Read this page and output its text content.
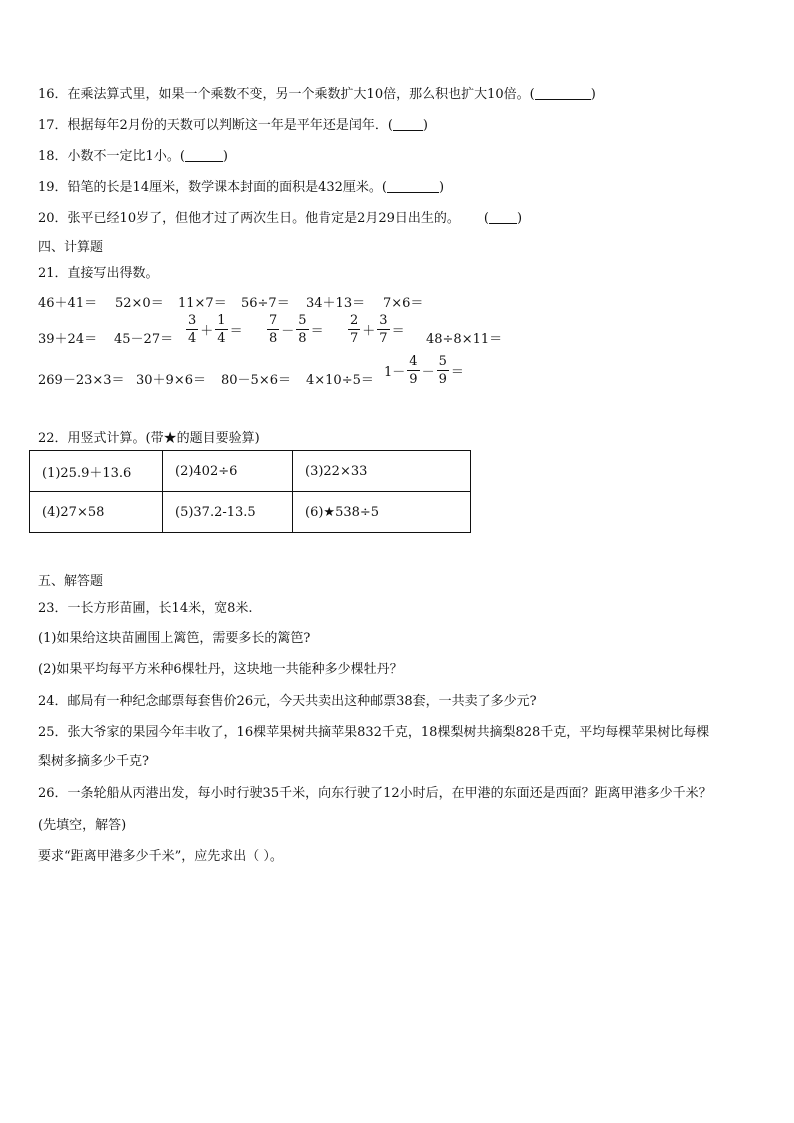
16．在乘法算式里，如果一个乘数不变，另一个乘数扩大10倍，那么积也扩大10倍。(	)
17．根据每年2月份的天数可以判断这一年是平年还是闰年．( )
18．小数不一定比1小。(	)
19．铅笔的长是14厘米，数学课本封面的面积是432厘米。(	)
20．张平已经10岁了，但他才过了两次生日。他肯定是2月29日出生的。 ( )
四、计算题
21．直接写出得数。
46＋41＝ 52×0＝ 11×7＝ 56÷7＝ 34＋13＝ 7×6＝
$39+24= 45-27= \frac{3}{4} + \frac{1}{4} = \frac{7}{8} - \frac{5}{8} = \frac{2}{7} + \frac{3}{7}$ ＝
48÷8×11＝
269－23×3＝ 30＋9×6＝ 80－5×6＝ 4×10÷5＝
$1- \frac{4}{9} - \frac{5}{9}$ ＝
22．用竖式计算。(带★的题目要验算)
(1)25.9＋13.6	(2)402÷6	(3)22×33
(4)27×58	(5)37.2-13.5	(6)★538÷5
五、解答题
23．一长方形苗圃，长14米，宽8米.
(1)如果给这块苗圃围上篱笆，需要多长的篱笆?
(2)如果平均每平方米种6棵牡丹，这块地一共能种多少棵牡丹？
24．邮局有一种纪念邮票每套售价26元，今天共卖出这种邮票38套，一共卖了多少元?
25．张大爷家的果园今年丰收了，16棵苹果树共摘苹果832千克，18棵梨树共摘梨828千克，平均每棵苹果树比每棵
梨树多摘多少千克?
26．一条轮船从丙港出发，每小时行驶35千米，向东行驶了12小时后，在甲港的东面还是西面？距离甲港多少千米？
(先填空，解答)
要求“距离甲港多少千米”，应先求出（ ）。
